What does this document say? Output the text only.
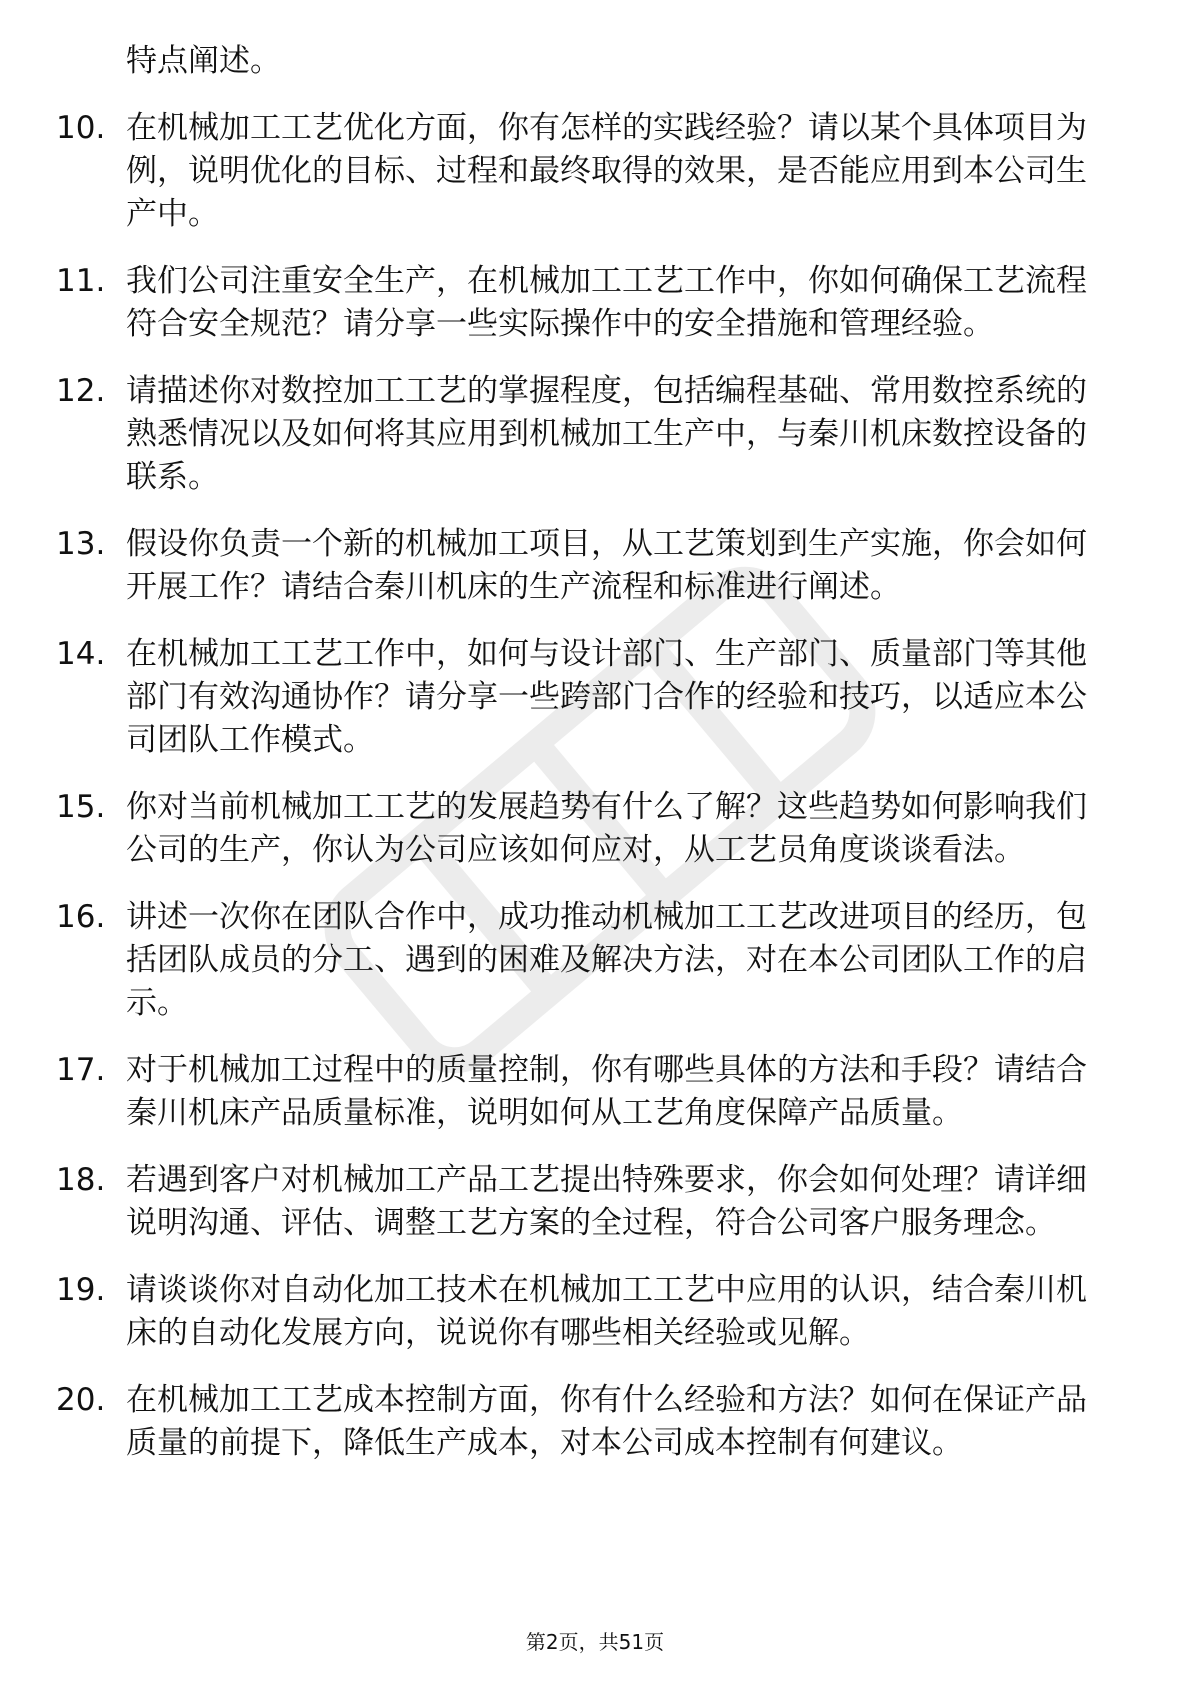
特点阐述。
10. 在机械加工工艺优化方面，你有怎样的实践经验？请以某个具体项目为例，说明优化的目标、过程和最终取得的效果，是否能应用到本公司生产中。
11. 我们公司注重安全生产，在机械加工工艺工作中，你如何确保工艺流程符合安全规范？请分享一些实际操作中的安全措施和管理经验。
12. 请描述你对数控加工工艺的掌握程度，包括编程基础、常用数控系统的熟悉情况以及如何将其应用到机械加工生产中，与秦川机床数控设备的联系。
13. 假设你负责一个新的机械加工项目，从工艺策划到生产实施，你会如何开展工作？请结合秦川机床的生产流程和标准进行阐述。
14. 在机械加工工艺工作中，如何与设计部门、生产部门、质量部门等其他部门有效沟通协作？请分享一些跨部门合作的经验和技巧，以适应本公司团队工作模式。
15. 你对当前机械加工工艺的发展趋势有什么了解？这些趋势如何影响我们公司的生产，你认为公司应该如何应对，从工艺员角度谈谈看法。
16. 讲述一次你在团队合作中，成功推动机械加工工艺改进项目的经历，包括团队成员的分工、遇到的困难及解决方法，对在本公司团队工作的启示。
17. 对于机械加工过程中的质量控制，你有哪些具体的方法和手段？请结合秦川机床产品质量标准，说明如何从工艺角度保障产品质量。
18. 若遇到客户对机械加工产品工艺提出特殊要求，你会如何处理？请详细说明沟通、评估、调整工艺方案的全过程，符合公司客户服务理念。
19. 请谈谈你对自动化加工技术在机械加工工艺中应用的认识，结合秦川机床的自动化发展方向，说说你有哪些相关经验或见解。
20. 在机械加工工艺成本控制方面，你有什么经验和方法？如何在保证产品质量的前提下，降低生产成本，对本公司成本控制有何建议。
第2页，共51页
